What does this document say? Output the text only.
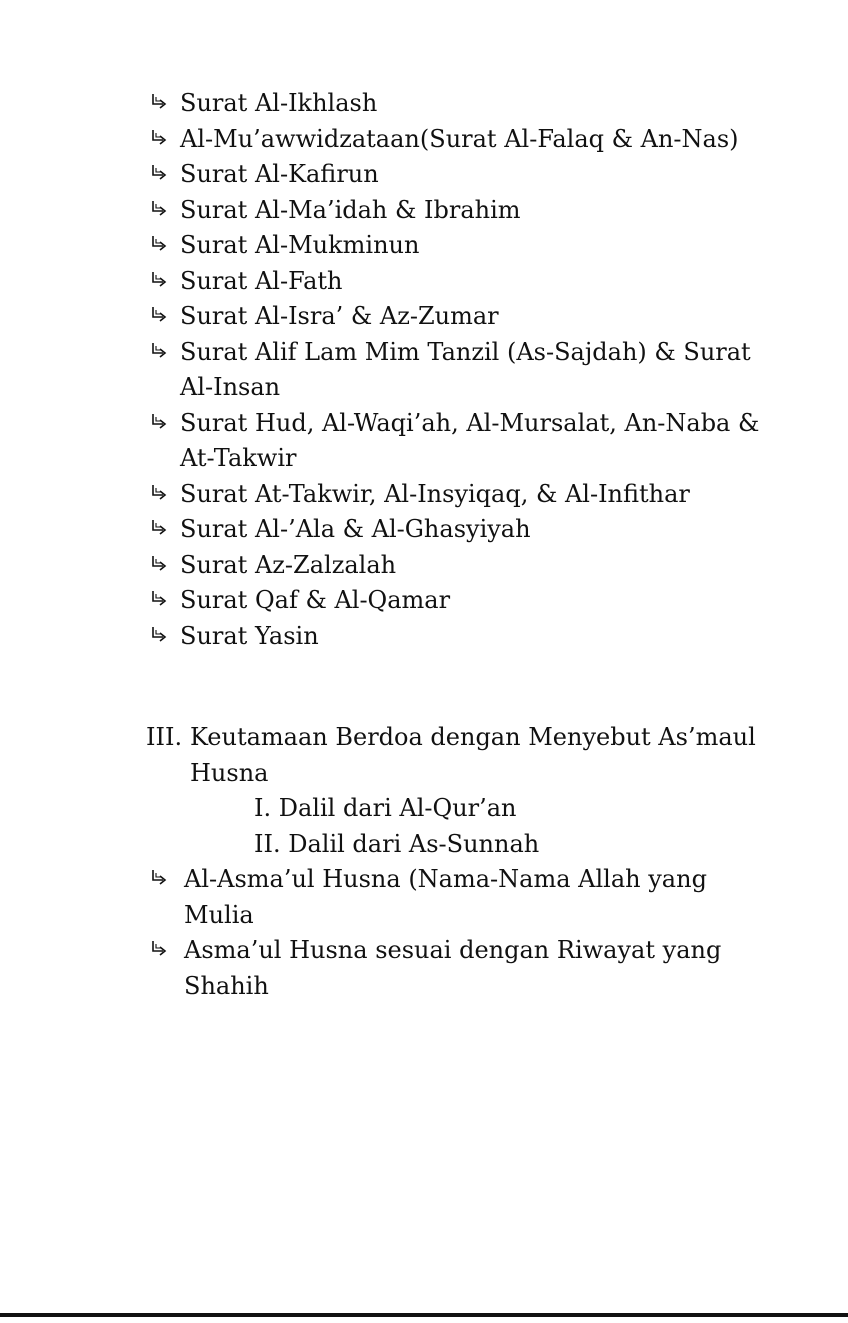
Surat Al-Ikhlash
Al-Mu’awwidzataan(Surat Al-Falaq & An-Nas)
Surat Al-Kafirun
Surat Al-Ma’idah & Ibrahim
Surat Al-Mukminun
Surat Al-Fath
Surat Al-Isra’ & Az-Zumar
Surat Alif Lam Mim Tanzil (As-Sajdah) & Surat Al-Insan
Surat Hud, Al-Waqi’ah, Al-Mursalat, An-Naba & At-Takwir
Surat At-Takwir, Al-Insyiqaq, & Al-Infithar
Surat Al-’Ala & Al-Ghasyiyah
Surat Az-Zalzalah
Surat Qaf & Al-Qamar
Surat Yasin

III. Keutamaan Berdoa dengan Menyebut As’maul Husna

I. Dalil dari Al-Qur’an

II. Dalil dari As-Sunnah

Al-Asma’ul Husna (Nama-Nama Allah yang Mulia
Asma’ul Husna sesuai dengan Riwayat yang Shahih
